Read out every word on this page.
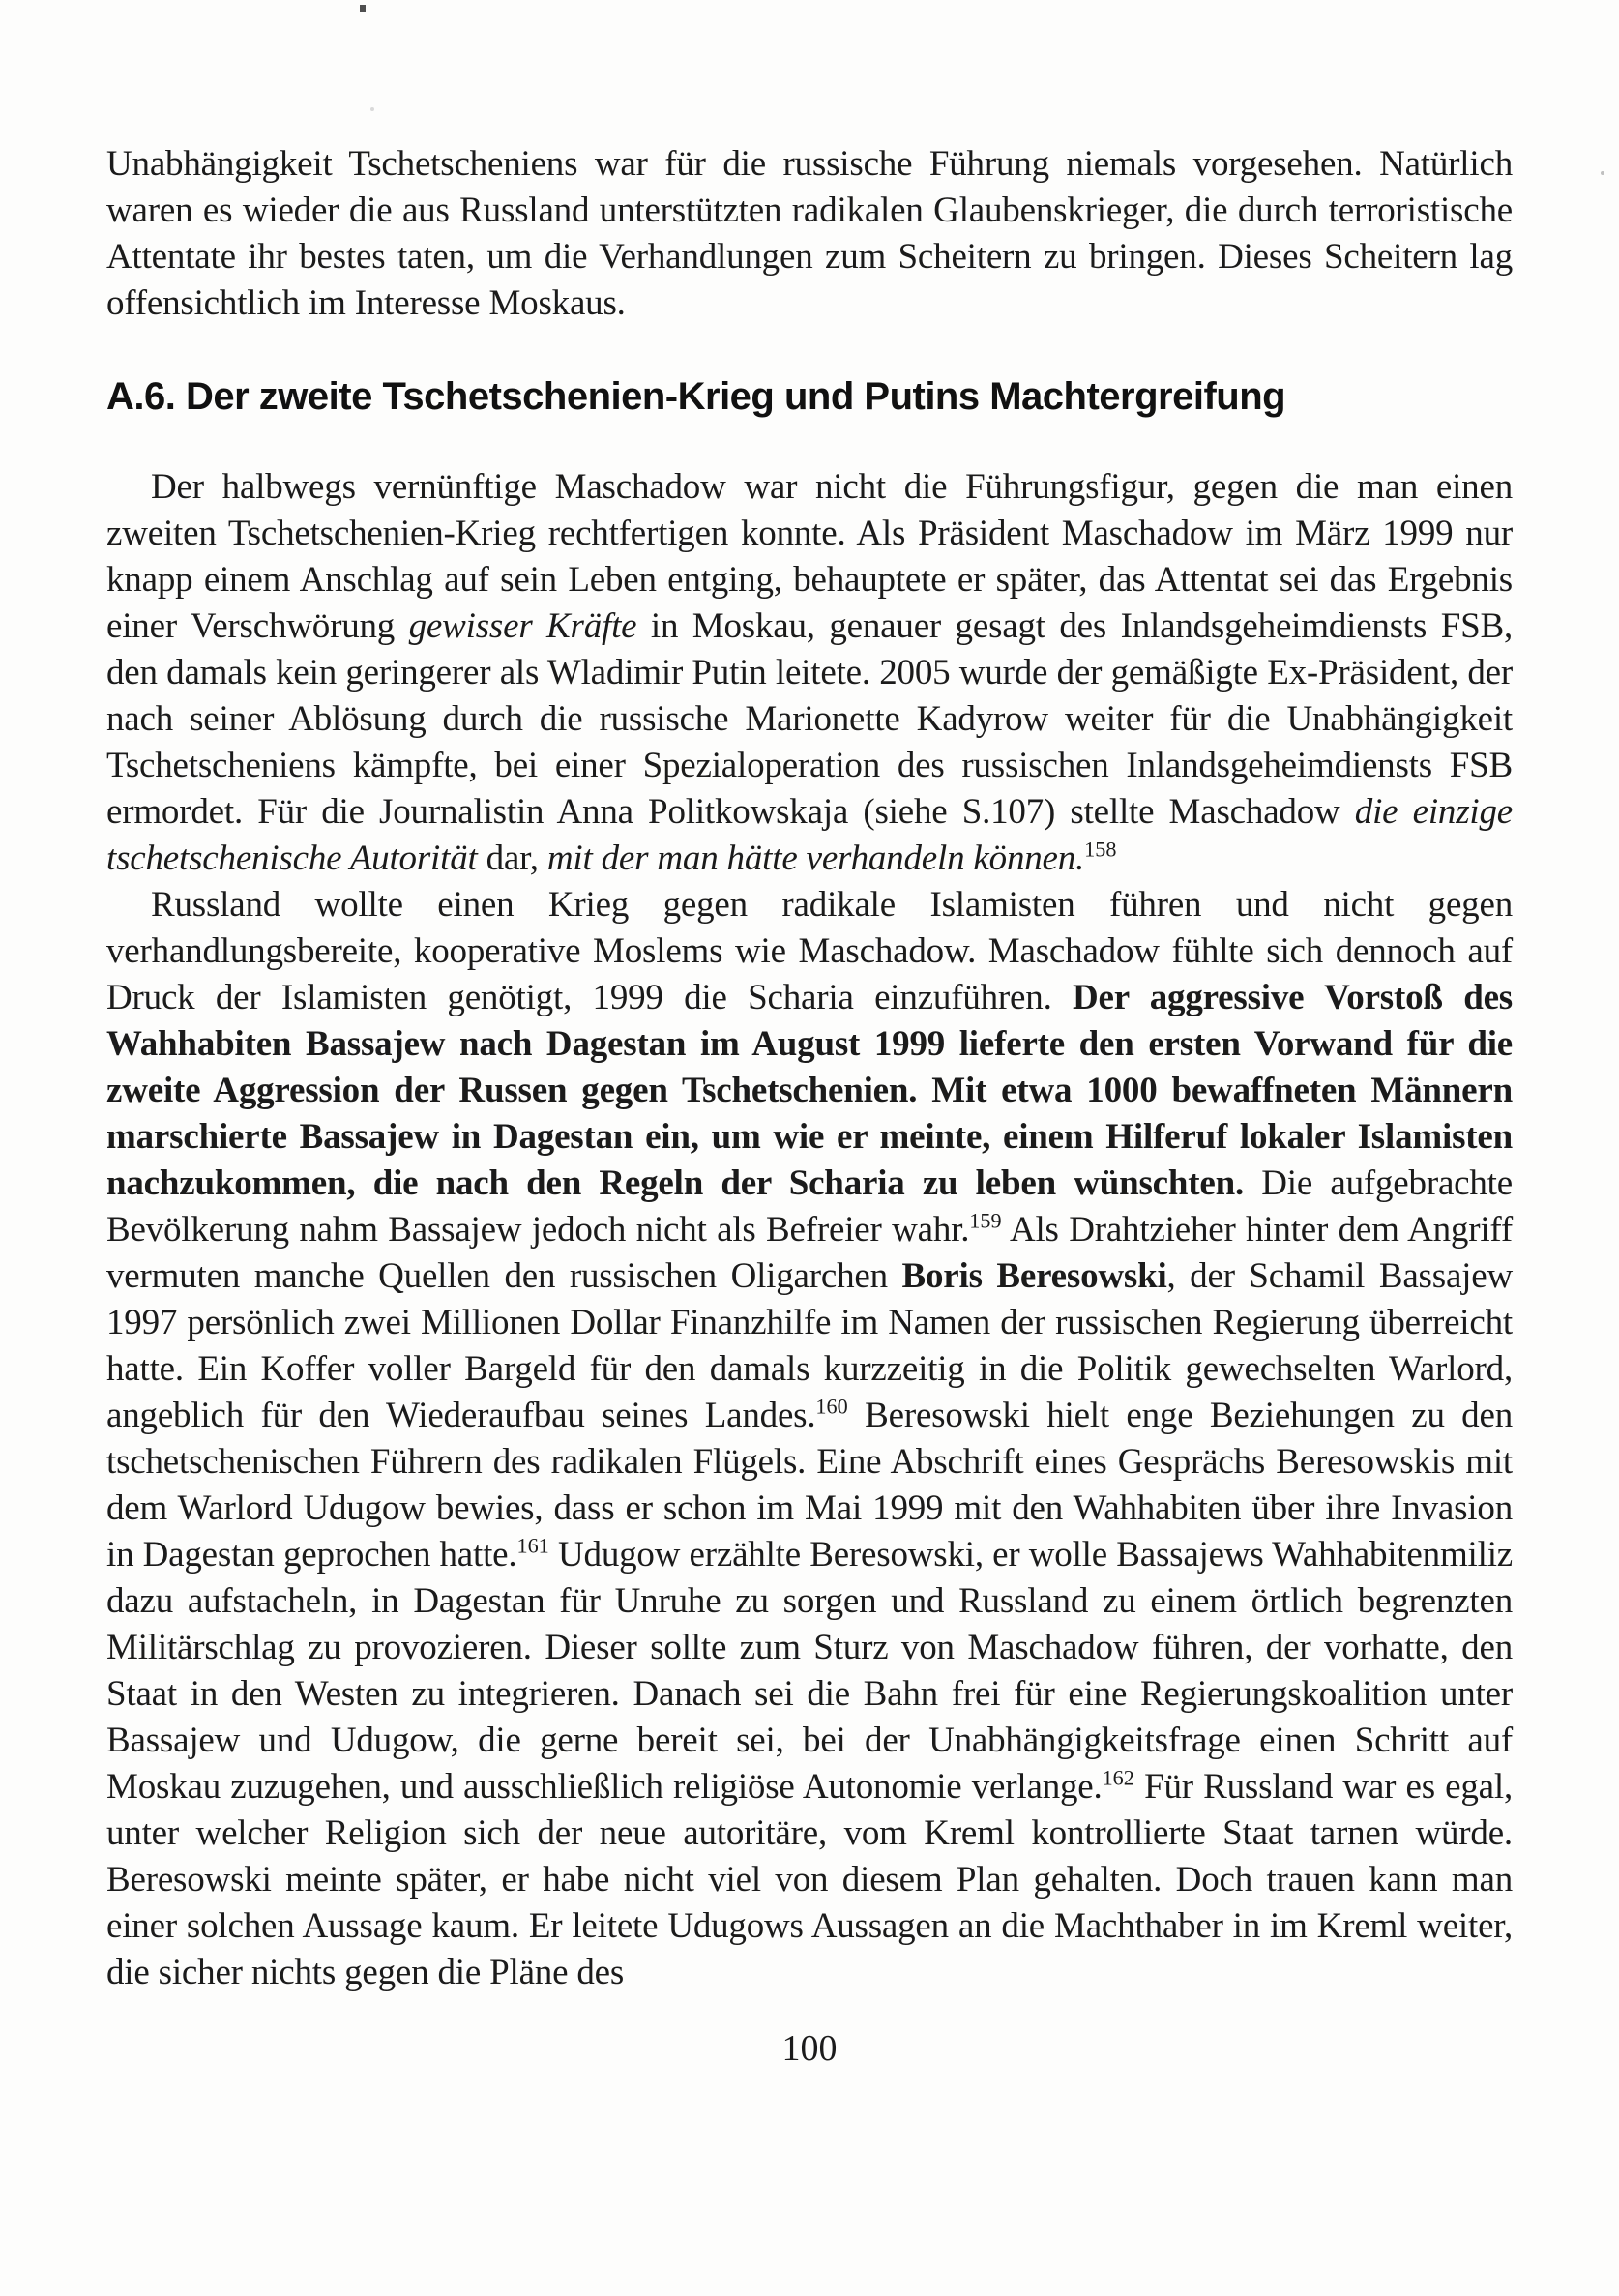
Unabhängigkeit Tschetscheniens war für die russische Führung niemals vorgesehen. Natürlich waren es wieder die aus Russland unterstützten radikalen Glaubenskrieger, die durch terroristische Attentate ihr bestes taten, um die Verhandlungen zum Scheitern zu bringen. Dieses Scheitern lag offensichtlich im Interesse Moskaus.

A.6. Der zweite Tschetschenien-Krieg und Putins Machtergreifung

Der halbwegs vernünftige Maschadow war nicht die Führungsfigur, gegen die man einen zweiten Tschetschenien-Krieg rechtfertigen konnte. Als Präsident Maschadow im März 1999 nur knapp einem Anschlag auf sein Leben entging, behauptete er später, das Attentat sei das Ergebnis einer Verschwörung gewisser Kräfte in Moskau, genauer gesagt des Inlandsgeheimdiensts FSB, den damals kein geringerer als Wladimir Putin leitete. 2005 wurde der gemäßigte Ex-Präsident, der nach seiner Ablösung durch die russische Marionette Kadyrow weiter für die Unabhängigkeit Tschetscheniens kämpfte, bei einer Spezialoperation des russischen Inlandsgeheimdiensts FSB ermordet. Für die Journalistin Anna Politkowskaja (siehe S.107) stellte Maschadow die einzige tschetschenische Autorität dar, mit der man hätte verhandeln können.$^{158}$

Russland wollte einen Krieg gegen radikale Islamisten führen und nicht gegen verhandlungsbereite, kooperative Moslems wie Maschadow. Maschadow fühlte sich dennoch auf Druck der Islamisten genötigt, 1999 die Scharia einzuführen. Der aggressive Vorstoß des Wahhabiten Bassajew nach Dagestan im August 1999 lieferte den ersten Vorwand für die zweite Aggression der Russen gegen Tschetschenien. Mit etwa 1000 bewaffneten Männern marschierte Bassajew in Dagestan ein, um wie er meinte, einem Hilferuf lokaler Islamisten nachzukommen, die nach den Regeln der Scharia zu leben wünschten. Die aufgebrachte Bevölkerung nahm Bassajew jedoch nicht als Befreier wahr.$^{159}$ Als Drahtzieher hinter dem Angriff vermuten manche Quellen den russischen Oligarchen Boris Beresowski, der Schamil Bassajew 1997 persönlich zwei Millionen Dollar Finanzhilfe im Namen der russischen Regierung überreicht hatte. Ein Koffer voller Bargeld für den damals kurzzeitig in die Politik gewechselten Warlord, angeblich für den Wiederaufbau seines Landes.$^{160}$ Beresowski hielt enge Beziehungen zu den tschetschenischen Führern des radikalen Flügels. Eine Abschrift eines Gesprächs Beresowskis mit dem Warlord Udugow bewies, dass er schon im Mai 1999 mit den Wahhabiten über ihre Invasion in Dagestan geprochen hatte.$^{161}$ Udugow erzählte Beresowski, er wolle Bassajews Wahhabitenmiliz dazu aufstacheln, in Dagestan für Unruhe zu sorgen und Russland zu einem örtlich begrenzten Militärschlag zu provozieren. Dieser sollte zum Sturz von Maschadow führen, der vorhatte, den Staat in den Westen zu integrieren. Danach sei die Bahn frei für eine Regierungskoalition unter Bassajew und Udugow, die gerne bereit sei, bei der Unabhängigkeitsfrage einen Schritt auf Moskau zuzugehen, und ausschließlich religiöse Autonomie verlange.$^{162}$ Für Russland war es egal, unter welcher Religion sich der neue autoritäre, vom Kreml kontrollierte Staat tarnen würde. Beresowski meinte später, er habe nicht viel von diesem Plan gehalten. Doch trauen kann man einer solchen Aussage kaum. Er leitete Udugows Aussagen an die Machthaber in im Kreml weiter, die sicher nichts gegen die Pläne des

100
